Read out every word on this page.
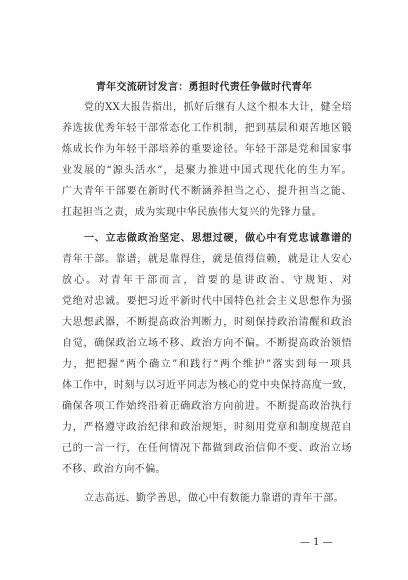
青年交流研讨发言：勇担时代责任争做时代青年
党的XX大报告指出，抓好后继有人这个根本大计，健全培
养选拔优秀年轻干部常态化工作机制，把到基层和艰苦地区锻
炼成长作为年轻干部培养的重要途径。年轻干部是党和国家事
业发展的“源头活水”，是聚力推进中国式现代化的生力军。
广大青年干部要在新时代不断涵养担当之心、提升担当之能、
扛起担当之责，成为实现中华民族伟大复兴的先锋力量。
一、立志做政治坚定、思想过硬，做心中有党忠诚靠谱的
青年干部。靠谱，就是靠得住，就是值得信赖，就是让人安心
放心。对青年干部而言，首要的是讲政治、守规矩、对
党绝对忠诚。要把习近平新时代中国特色社会主义思想作为强
大思想武器，不断提高政治判断力，时刻保持政治清醒和政治
自觉，确保政治立场不移、政治方向不偏。不断提高政治领悟
力，把把握“两个确立”和践行“两个维护”落实到每一项具
体工作中，时刻与以习近平同志为核心的党中央保持高度一致，
确保各项工作始终沿着正确政治方向前进。不断提高政治执行
力，严格遵守政治纪律和政治规矩，时刻用党章和制度规范自
己的一言一行，在任何情况下都做到政治信仰不变、政治立场
不移、政治方向不偏。
立志高远、勤学善思，做心中有数能力靠谱的青年干部。
— 1 —
